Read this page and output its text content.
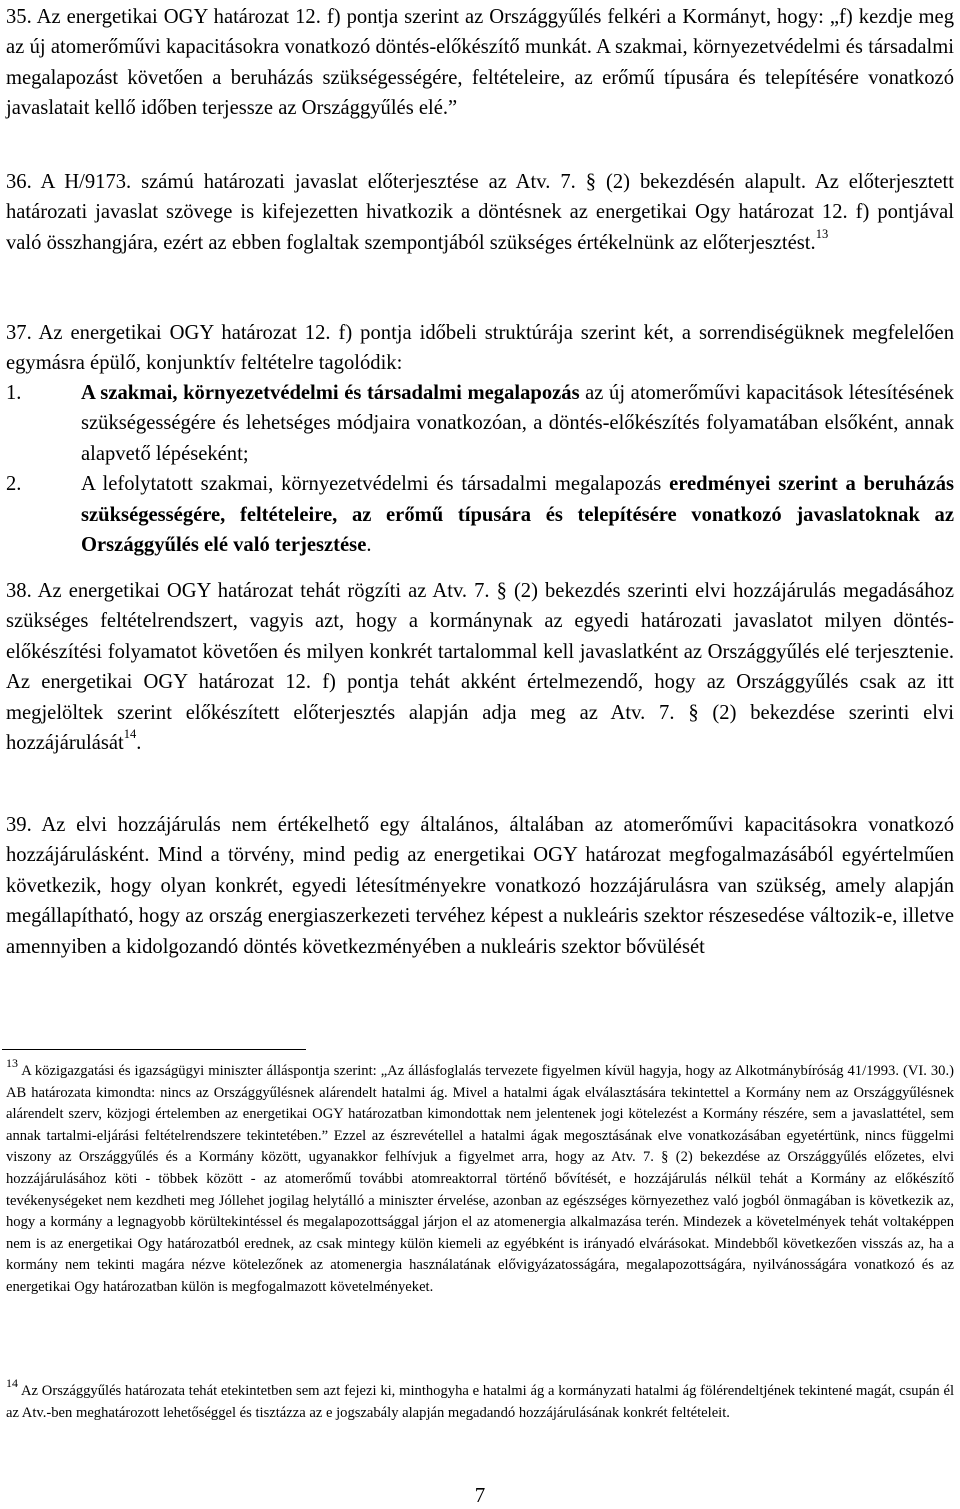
35. Az energetikai OGY határozat 12. f) pontja szerint az Országgyűlés felkéri a Kormányt, hogy: „f) kezdje meg az új atomerőművi kapacitásokra vonatkozó döntés-előkészítő munkát. A szakmai, környezetvédelmi és társadalmi megalapozást követően a beruházás szükségességére, feltételeire, az erőmű típusára és telepítésére vonatkozó javaslatait kellő időben terjessze az Országgyűlés elé.”

36. A H/9173. számú határozati javaslat előterjesztése az Atv. 7. § (2) bekezdésén alapult. Az előterjesztett határozati javaslat szövege is kifejezetten hivatkozik a döntésnek az energetikai Ogy határozat 12. f) pontjával való összhangjára, ezért az ebben foglaltak szempontjából szükséges értékelnünk az előterjesztést.$^{13}$

37. Az energetikai OGY határozat 12. f) pontja időbeli struktúrája szerint két, a sorrendiségüknek megfelelően egymásra épülő, konjunktív feltételre tagolódik:

1.	A szakmai, környezetvédelmi és társadalmi megalapozás az új atomerőművi kapacitások létesítésének szükségességére és lehetséges módjaira vonatkozóan, a döntés-előkészítés folyamatában elsőként, annak alapvető lépéseként;
2.	A lefolytatott szakmai, környezetvédelmi és társadalmi megalapozás eredményei szerint a beruházás szükségességére, feltételeire, az erőmű típusára és telepítésére vonatkozó javaslatoknak az Országgyűlés elé való terjesztése.

38. Az energetikai OGY határozat tehát rögzíti az Atv. 7. § (2) bekezdés szerinti elvi hozzájárulás megadásához szükséges feltételrendszert, vagyis azt, hogy a kormánynak az egyedi határozati javaslatot milyen döntés-előkészítési folyamatot követően és milyen konkrét tartalommal kell javaslatként az Országgyűlés elé terjesztenie. Az energetikai OGY határozat 12. f) pontja tehát akként értelmezendő, hogy az Országgyűlés csak az itt megjelöltek szerint előkészített előterjesztés alapján adja meg az Atv. 7. § (2) bekezdése szerinti elvi hozzájárulását$^{14}$.

39. Az elvi hozzájárulás nem értékelhető egy általános, általában az atomerőművi kapacitásokra vonatkozó hozzájárulásként. Mind a törvény, mind pedig az energetikai OGY határozat megfogalmazásából egyértelműen következik, hogy olyan konkrét, egyedi létesítményekre vonatkozó hozzájárulásra van szükség, amely alapján megállapítható, hogy az ország energiaszerkezeti tervéhez képest a nukleáris szektor részesedése változik-e, illetve amennyiben a kidolgozandó döntés következményében a nukleáris szektor bővülését

$^{13}$ A közigazgatási és igazságügyi miniszter álláspontja szerint: „Az állásfoglalás tervezete figyelmen kívül hagyja, hogy az Alkotmánybíróság 41/1993. (VI. 30.) AB határozata kimondta: nincs az Országgyűlésnek alárendelt hatalmi ág. Mivel a hatalmi ágak elválasztására tekintettel a Kormány nem az Országgyűlésnek alárendelt szerv, közjogi értelemben az energetikai OGY határozatban kimondottak nem jelentenek jogi kötelezést a Kormány részére, sem a javaslattétel, sem annak tartalmi-eljárási feltételrendszere tekintetében.” Ezzel az észrevétellel a hatalmi ágak megosztásának elve vonatkozásában egyetértünk, nincs függelmi viszony az Országgyűlés és a Kormány között, ugyanakkor felhívjuk a figyelmet arra, hogy az Atv. 7. § (2) bekezdése az Országgyűlés előzetes, elvi hozzájárulásához köti - többek között - az atomerőmű további atomreaktorral történő bővítését, e hozzájárulás nélkül tehát a Kormány az előkészítő tevékenységeket nem kezdheti meg Jóllehet jogilag helytálló a miniszter érvelése, azonban az egészséges környezethez való jogból önmagában is következik az, hogy a kormány a legnagyobb körültekintéssel és megalapozottsággal járjon el az atomenergia alkalmazása terén. Mindezek a követelmények tehát voltaképpen nem is az energetikai Ogy határozatból erednek, az csak mintegy külön kiemeli az egyébként is irányadó elvárásokat. Mindebből következően visszás az, ha a kormány nem tekinti magára nézve kötelezőnek az atomenergia használatának elővigyázatosságára, megalapozottságára, nyilvánosságára vonatkozó és az energetikai Ogy határozatban külön is megfogalmazott követelményeket.

$^{14}$ Az Országgyűlés határozata tehát etekintetben sem azt fejezi ki, minthogyha e hatalmi ág a kormányzati hatalmi ág fölérendeltjének tekintené magát, csupán él az Atv.-ben meghatározott lehetőséggel és tisztázza az e jogszabály alapján megadandó hozzájárulásának konkrét feltételeit.

7
